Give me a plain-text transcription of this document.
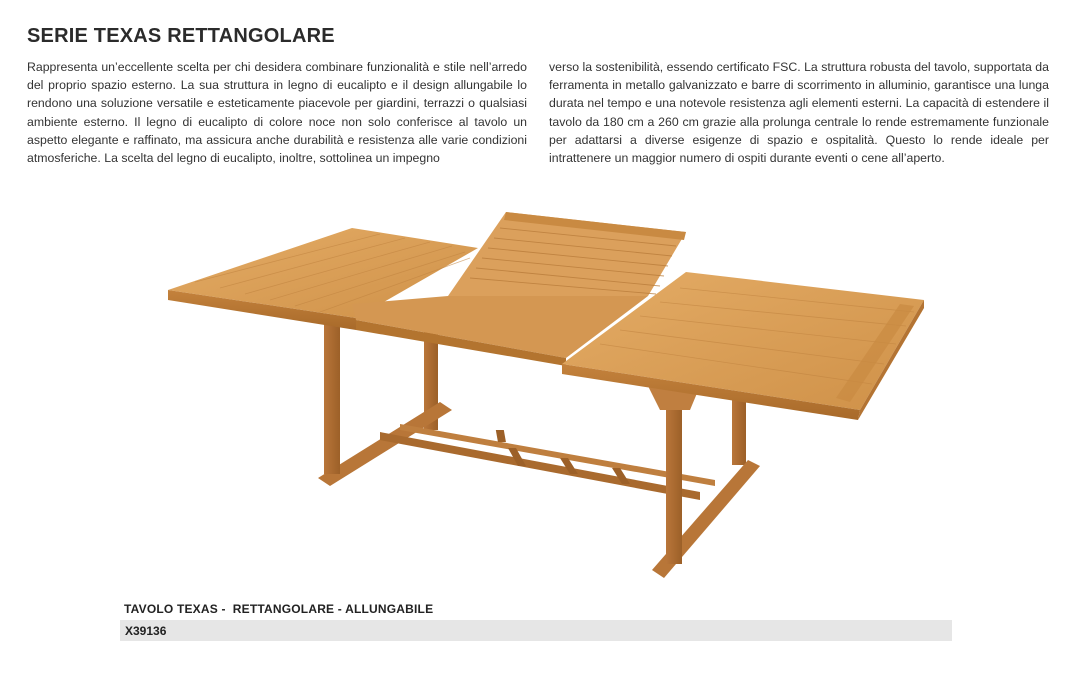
SERIE TEXAS RETTANGOLARE

Rappresenta un’eccellente scelta per chi desidera combinare funzionalità e stile nell’arredo del proprio spazio esterno. La sua struttura in legno di eucalipto e il design allungabile lo rendono una soluzione versatile e esteticamente piacevole per giardini, terrazzi o qualsiasi ambiente esterno. Il legno di eucalipto di colore noce non solo conferisce al tavolo un aspetto elegante e raffinato, ma assicura anche durabilità e resistenza alle varie condizioni atmosferiche. La scelta del legno di eucalipto, inoltre, sottolinea un impegno

verso la sostenibilità, essendo certificato FSC. La struttura robusta del tavolo, supportata da ferramenta in metallo galvanizzato e barre di scorrimento in alluminio, garantisce una lunga durata nel tempo e una notevole resistenza agli elementi esterni. La capacità di estendere il tavolo da 180 cm a 260 cm grazie alla prolunga centrale lo rende estremamente funzionale per adattarsi a diverse esigenze di spazio e ospitalità. Questo lo rende ideale per intrattenere un maggior numero di ospiti durante eventi o cene all’aperto.

TAVOLO TEXAS -  RETTANGOLARE - ALLUNGABILE
X39136
